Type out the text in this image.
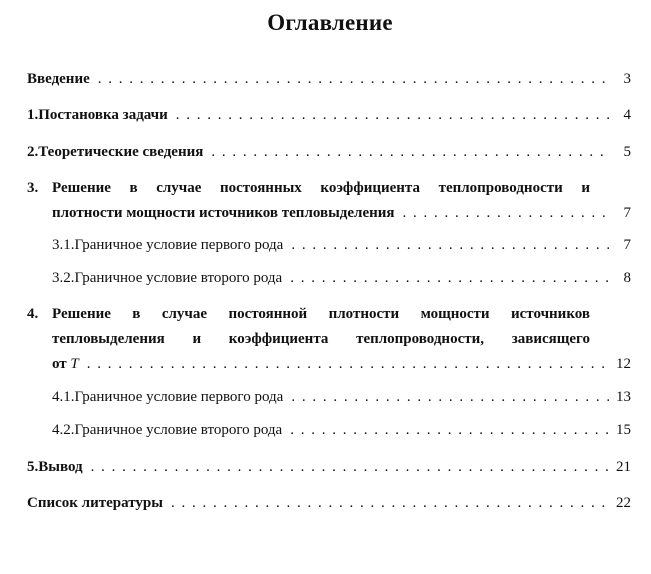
Оглавление
Введение . . .	3
1. Постановка задачи . . .	4
2. Теоретические сведения . . .	5
3. Решение в случае постоянных коэффициента теплопроводности и
плотности мощности источников тепловыделения . . .	7
3.1. Граничное условие первого рода . . .	7
3.2. Граничное условие второго рода . . .	8
4. Решение в случае постоянной плотности мощности источников
тепловыделения и коэффициента теплопроводности, зависящего
от T . . .	12
4.1. Граничное условие первого рода . . .	13
4.2. Граничное условие второго рода . . .	15
5. Вывод . . .	21
Список литературы . . .	22
